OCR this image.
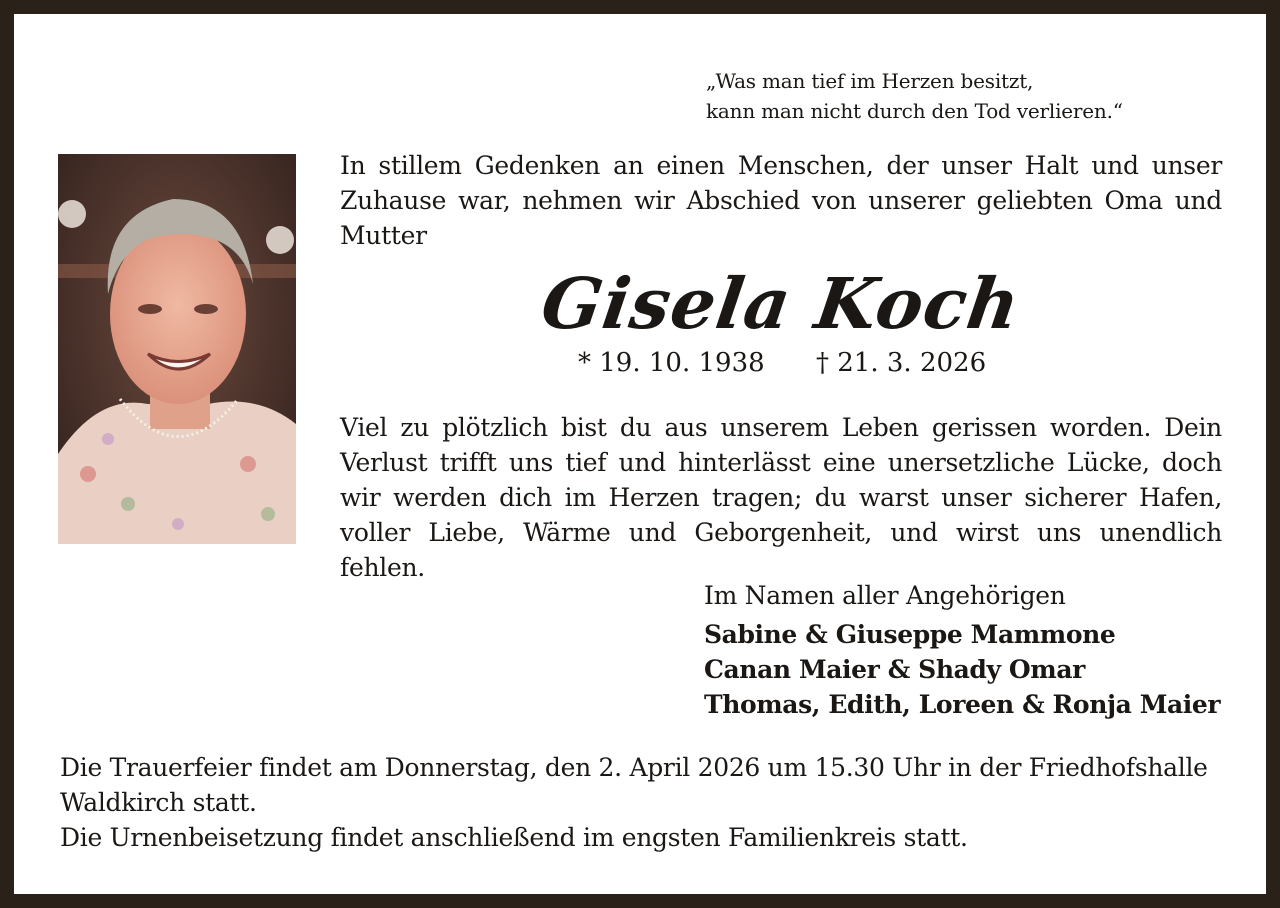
„Was man tief im Herzen besitzt,
kann man nicht durch den Tod verlieren.“
In stillem Gedenken an einen Menschen, der unser Halt und unser Zuhause war, nehmen wir Abschied von unserer geliebten Oma und Mutter
Gisela Koch
* 19. 10. 1938 † 21. 3. 2026
Viel zu plötzlich bist du aus unserem Leben gerissen worden. Dein Verlust trifft uns tief und hinterlässt eine unersetzliche Lücke, doch wir werden dich im Herzen tragen; du warst unser sicherer Hafen, voller Liebe, Wärme und Geborgenheit, und wirst uns unendlich fehlen.
Im Namen aller Angehörigen
Sabine & Giuseppe Mammone
Canan Maier & Shady Omar
Thomas, Edith, Loreen & Ronja Maier
Die Trauerfeier findet am Donnerstag, den 2. April 2026 um 15.30 Uhr in der Friedhofshalle Waldkirch statt.
Die Urnenbeisetzung findet anschließend im engsten Familienkreis statt.
